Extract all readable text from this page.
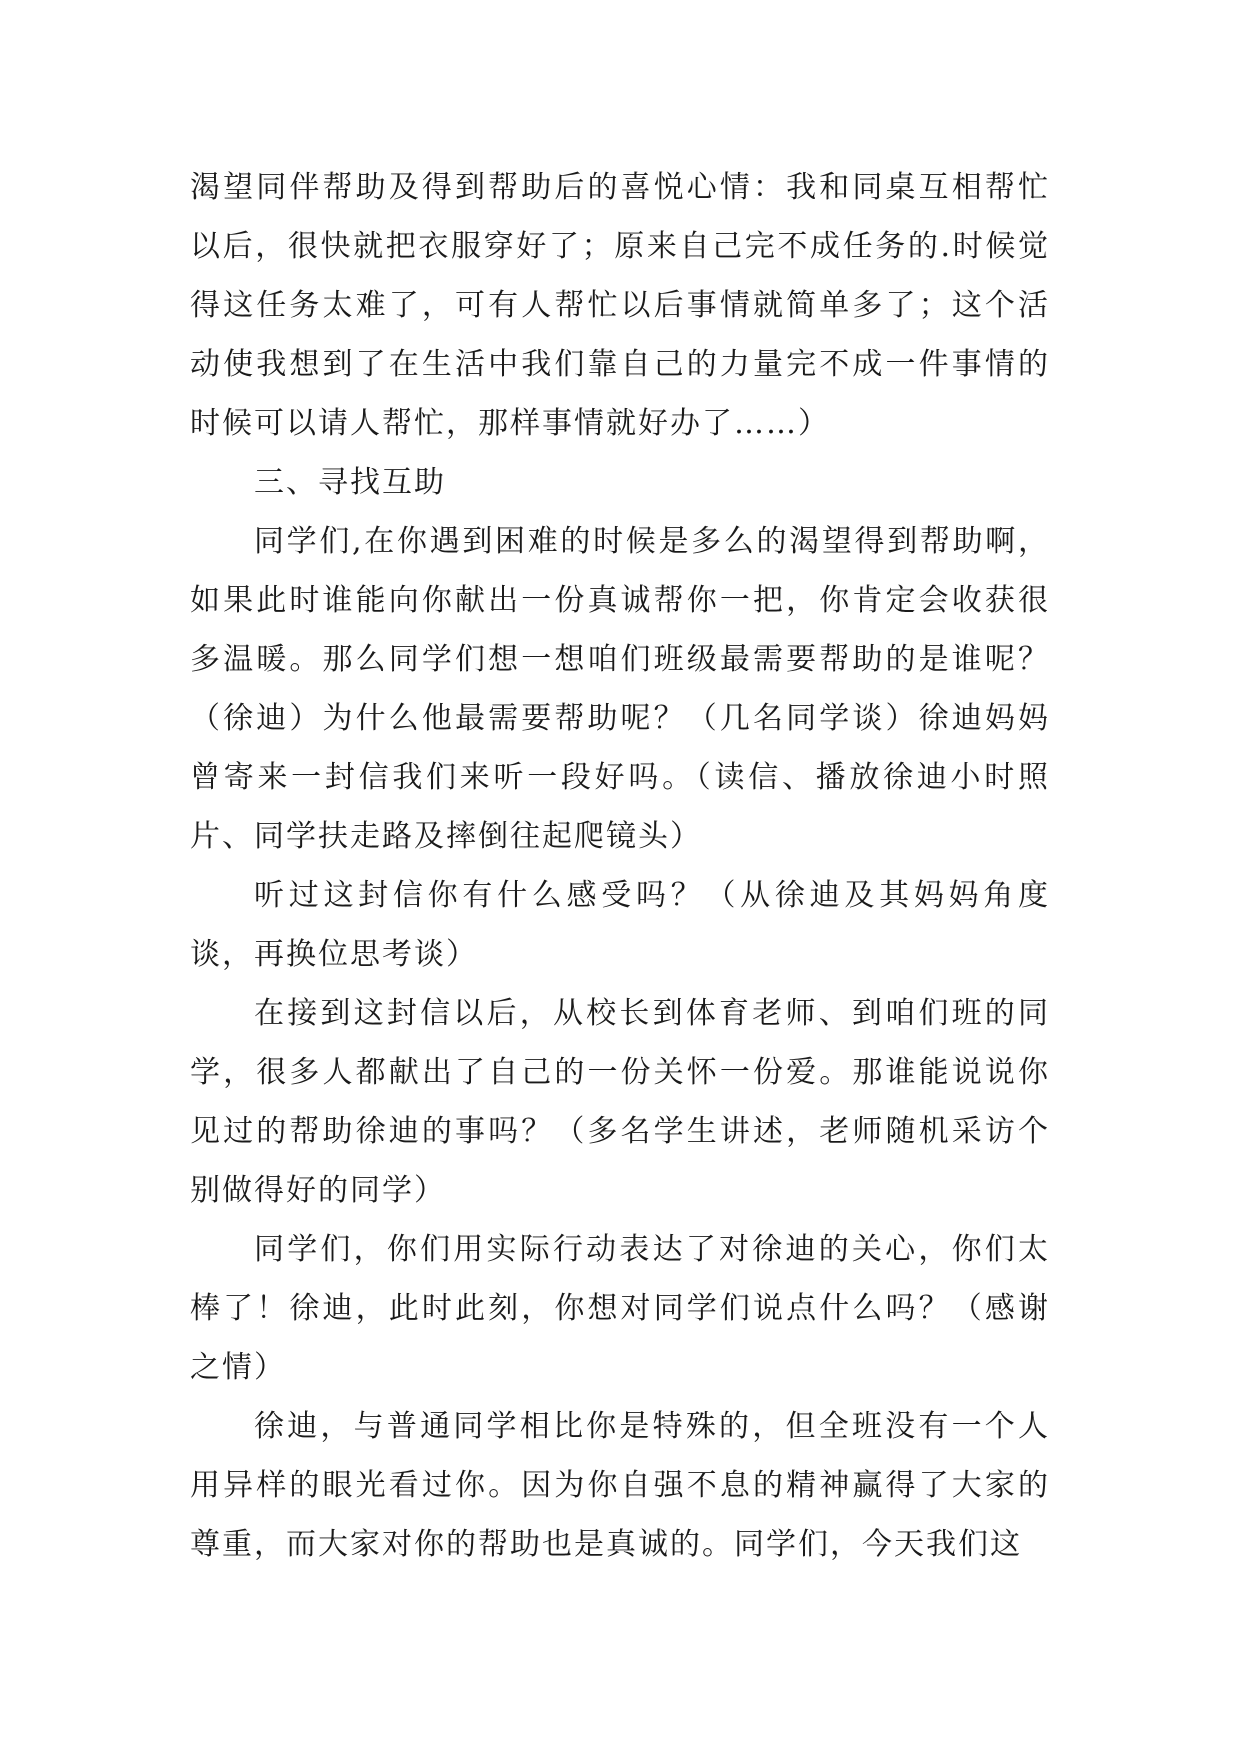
渴望同伴帮助及得到帮助后的喜悦心情：我和同桌互相帮忙以后，很快就把衣服穿好了；原来自己完不成任务的.时候觉得这任务太难了，可有人帮忙以后事情就简单多了；这个活动使我想到了在生活中我们靠自己的力量完不成一件事情的时候可以请人帮忙，那样事情就好办了……）

三、寻找互助

同学们,在你遇到困难的时候是多么的渴望得到帮助啊，如果此时谁能向你献出一份真诚帮你一把，你肯定会收获很多温暖。那么同学们想一想咱们班级最需要帮助的是谁呢？（徐迪）为什么他最需要帮助呢？（几名同学谈）徐迪妈妈曾寄来一封信我们来听一段好吗。（读信、播放徐迪小时照片、同学扶走路及摔倒往起爬镜头）

听过这封信你有什么感受吗？（从徐迪及其妈妈角度谈，再换位思考谈）

在接到这封信以后，从校长到体育老师、到咱们班的同学，很多人都献出了自己的一份关怀一份爱。那谁能说说你见过的帮助徐迪的事吗？（多名学生讲述，老师随机采访个别做得好的同学）

同学们，你们用实际行动表达了对徐迪的关心，你们太棒了！徐迪，此时此刻，你想对同学们说点什么吗？（感谢之情）

徐迪，与普通同学相比你是特殊的，但全班没有一个人用异样的眼光看过你。因为你自强不息的精神赢得了大家的尊重，而大家对你的帮助也是真诚的。同学们，今天我们这
